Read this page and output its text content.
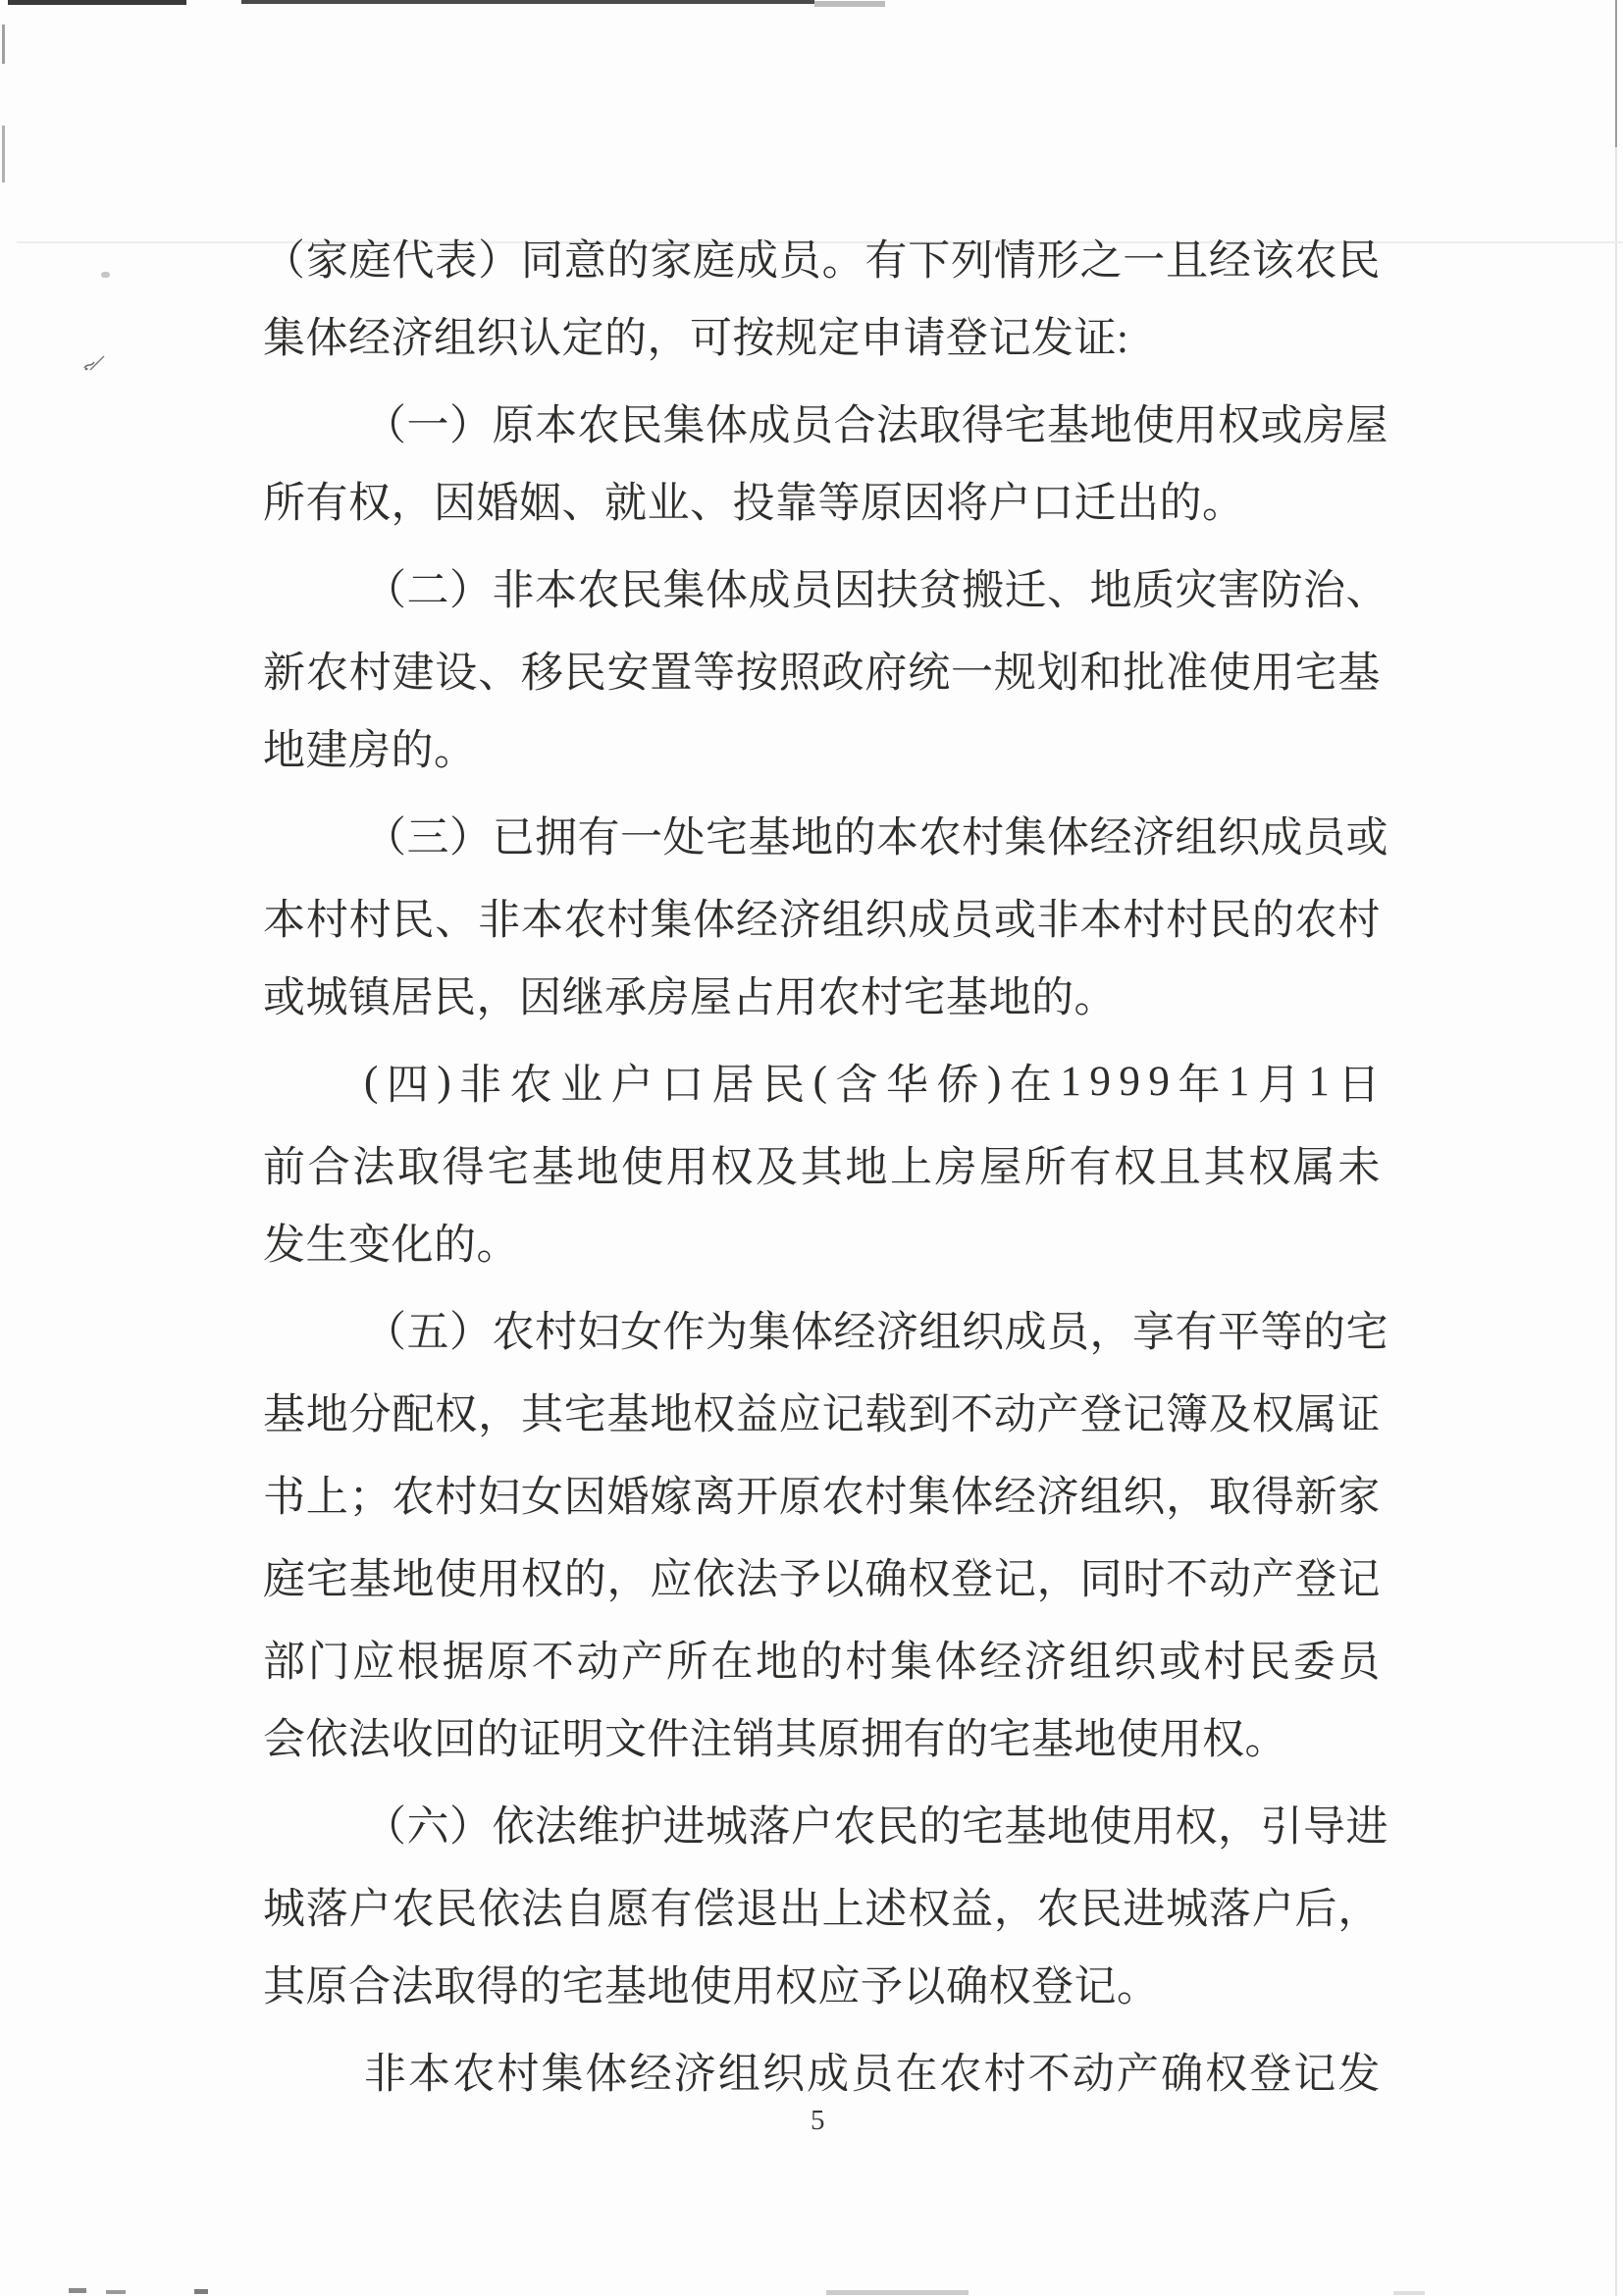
（ 家 庭 代 表 ） 同 意 的 家 庭 成 员 。 有 下 列 情 形 之 一 且 经 该 农 民
集体经济组织认定的，可按规定申请登记发证:
（ 一 ） 原 本 农 民 集 体 成 员 合 法 取 得 宅 基 地 使 用 权 或 房 屋
所有权，因婚姻、就业、投靠等原因将户口迁出的。
（ 二 ） 非 本 农 民 集 体 成 员 因 扶 贫 搬 迁 、 地 质 灾 害 防 治 、
新 农 村 建 设 、 移 民 安 置 等 按 照 政 府 统 一 规 划 和 批 准 使 用 宅 基
地建房的。
（ 三 ） 已 拥 有 一 处 宅 基 地 的 本 农 村 集 体 经 济 组 织 成 员 或
本 村 村 民 、 非 本 农 村 集 体 经 济 组 织 成 员 或 非 本 村 村 民 的 农 村
或城镇居民，因继承房屋占用农村宅基地的。
( 四 ) 非 农 业 户 口 居 民 ( 含 华 侨 ) 在 1 9 9 9 年 1 月 1 日
前 合 法 取 得 宅 基 地 使 用 权 及 其 地 上 房 屋 所 有 权 且 其 权 属 未
发生变化的。
（ 五 ） 农 村 妇 女 作 为 集 体 经 济 组 织 成 员 ， 享 有 平 等 的 宅
基 地 分 配 权 ， 其 宅 基 地 权 益 应 记 载 到 不 动 产 登 记 簿 及 权 属 证
书 上 ； 农 村 妇 女 因 婚 嫁 离 开 原 农 村 集 体 经 济 组 织 ， 取 得 新 家
庭 宅 基 地 使 用 权 的 ， 应 依 法 予 以 确 权 登 记 ， 同 时 不 动 产 登 记
部 门 应 根 据 原 不 动 产 所 在 地 的 村 集 体 经 济 组 织 或 村 民 委 员
会依法收回的证明文件注销其原拥有的宅基地使用权。
（ 六 ） 依 法 维 护 进 城 落 户 农 民 的 宅 基 地 使 用 权 ， 引 导 进
城 落 户 农 民 依 法 自 愿 有 偿 退 出 上 述 权 益 ， 农 民 进 城 落 户 后 ，
其原合法取得的宅基地使用权应予以确权登记。
非 本 农 村 集 体 经 济 组 织 成 员 在 农 村 不 动 产 确 权 登 记 发
5
